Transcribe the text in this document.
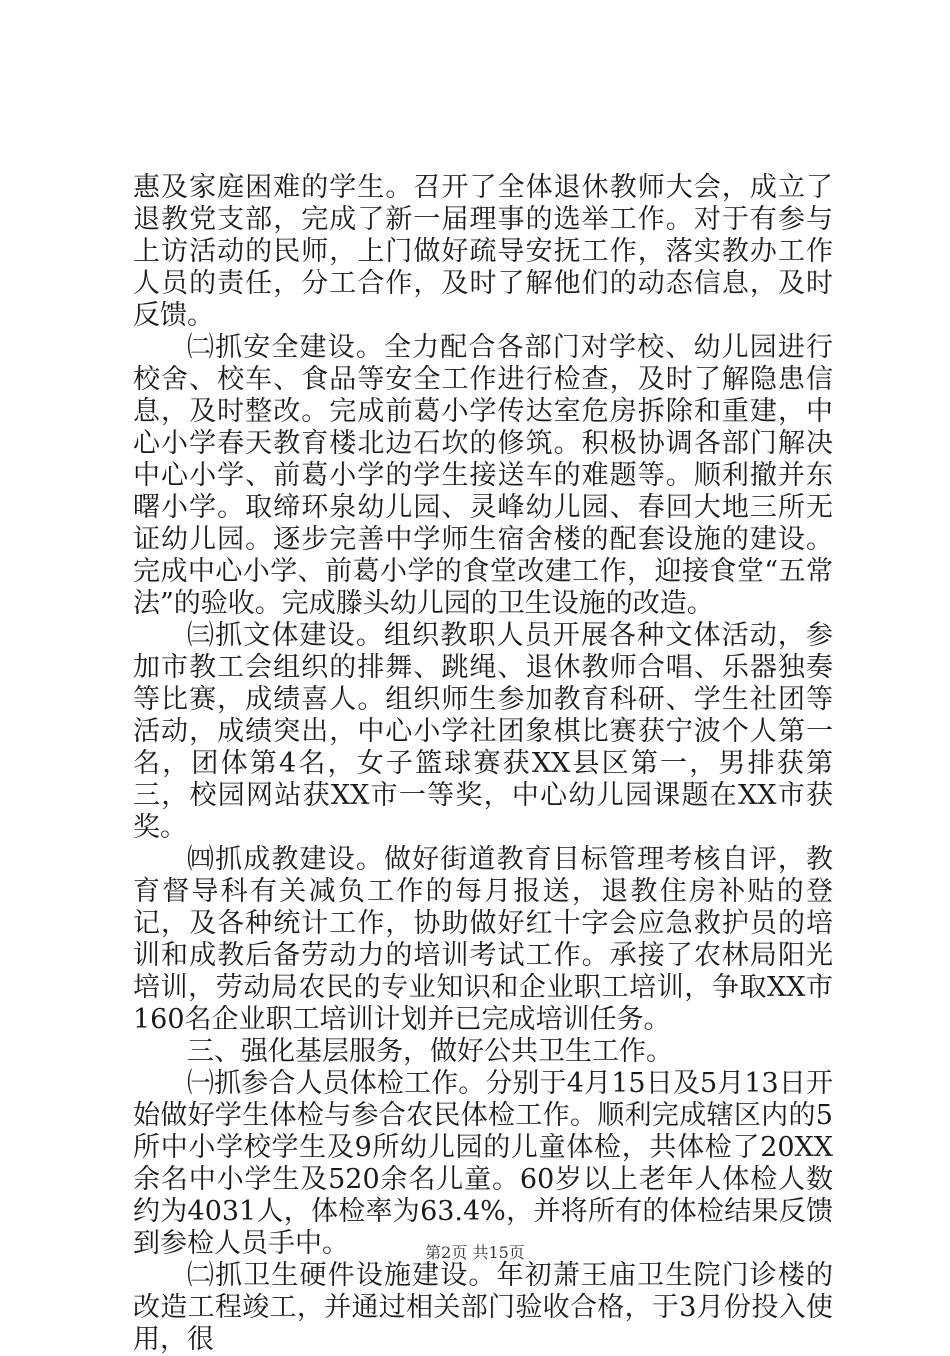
惠及家庭困难的学生。召开了全体退休教师大会，成立了退教党支部，完成了新一届理事的选举工作。对于有参与上访活动的民师，上门做好疏导安抚工作，落实教办工作人员的责任，分工合作，及时了解他们的动态信息，及时反馈。

㈡抓安全建设。全力配合各部门对学校、幼儿园进行校舍、校车、食品等安全工作进行检查，及时了解隐患信息，及时整改。完成前葛小学传达室危房拆除和重建，中心小学春天教育楼北边石坎的修筑。积极协调各部门解决中心小学、前葛小学的学生接送车的难题等。顺利撤并东曙小学。取缔环泉幼儿园、灵峰幼儿园、春回大地三所无证幼儿园。逐步完善中学师生宿舍楼的配套设施的建设。完成中心小学、前葛小学的食堂改建工作，迎接食堂“五常法”的验收。完成滕头幼儿园的卫生设施的改造。

㈢抓文体建设。组织教职人员开展各种文体活动，参加市教工会组织的排舞、跳绳、退休教师合唱、乐器独奏等比赛，成绩喜人。组织师生参加教育科研、学生社团等活动，成绩突出，中心小学社团象棋比赛获宁波个人第一名，团体第4名，女子篮球赛获XX县区第一，男排获第三，校园网站获XX市一等奖，中心幼儿园课题在XX市获奖。

㈣抓成教建设。做好街道教育目标管理考核自评，教育督导科有关减负工作的每月报送，退教住房补贴的登记，及各种统计工作，协助做好红十字会应急救护员的培训和成教后备劳动力的培训考试工作。承接了农林局阳光培训，劳动局农民的专业知识和企业职工培训，争取XX市160名企业职工培训计划并已完成培训任务。

三、强化基层服务，做好公共卫生工作。

㈠抓参合人员体检工作。分别于4月15日及5月13日开始做好学生体检与参合农民体检工作。顺利完成辖区内的5所中小学校学生及9所幼儿园的儿童体检，共体检了20XX余名中小学生及520余名儿童。60岁以上老年人体检人数约为4031人，体检率为63.4%，并将所有的体检结果反馈到参检人员手中。

㈡抓卫生硬件设施建设。年初萧王庙卫生院门诊楼的改造工程竣工，并通过相关部门验收合格，于3月份投入使用，很

第2页 共15页
